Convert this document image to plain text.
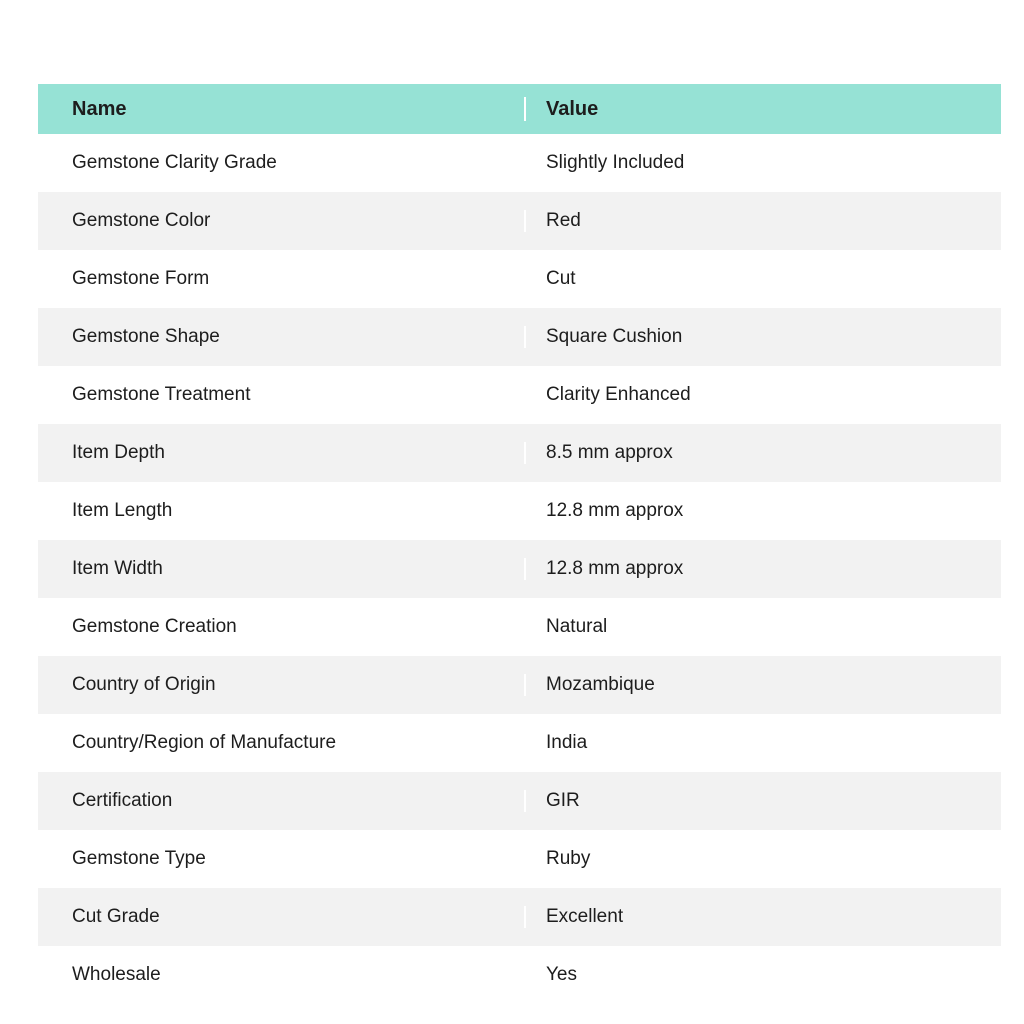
Name	Value
Gemstone Clarity Grade	Slightly Included
Gemstone Color	Red
Gemstone Form	Cut
Gemstone Shape	Square Cushion
Gemstone Treatment	Clarity Enhanced
Item Depth	8.5 mm approx
Item Length	12.8 mm approx
Item Width	12.8 mm approx
Gemstone Creation	Natural
Country of Origin	Mozambique
Country/Region of Manufacture	India
Certification	GIR
Gemstone Type	Ruby
Cut Grade	Excellent
Wholesale	Yes
